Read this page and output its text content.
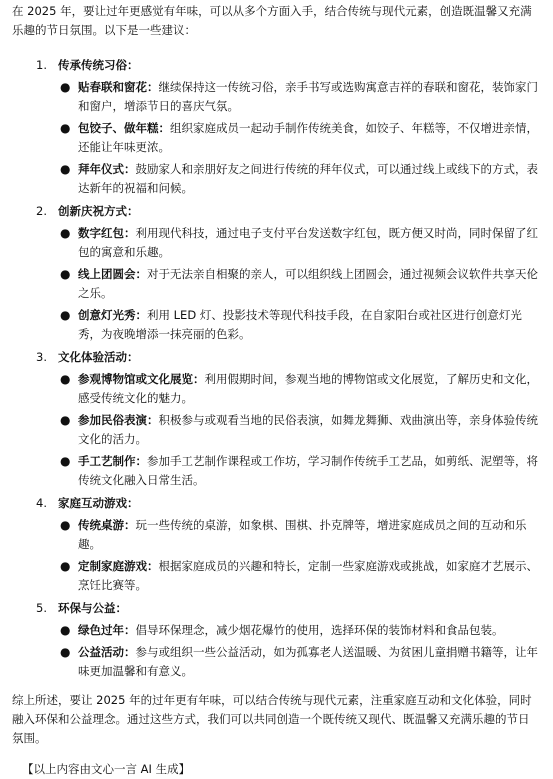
在 2025 年，要让过年更感觉有年味，可以从多个方面入手，结合传统与现代元素，创造既温馨又充满乐趣的节日氛围。以下是一些建议：

1. 传承传统习俗：
● 贴春联和窗花：继续保持这一传统习俗，亲手书写或选购寓意吉祥的春联和窗花，装饰家门和窗户，增添节日的喜庆气氛。
● 包饺子、做年糕：组织家庭成员一起动手制作传统美食，如饺子、年糕等，不仅增进亲情，还能让年味更浓。
● 拜年仪式：鼓励家人和亲朋好友之间进行传统的拜年仪式，可以通过线上或线下的方式，表达新年的祝福和问候。
2. 创新庆祝方式：
● 数字红包：利用现代科技，通过电子支付平台发送数字红包，既方便又时尚，同时保留了红包的寓意和乐趣。
● 线上团圆会：对于无法亲自相聚的亲人，可以组织线上团圆会，通过视频会议软件共享天伦之乐。
● 创意灯光秀：利用 LED 灯、投影技术等现代科技手段，在自家阳台或社区进行创意灯光秀，为夜晚增添一抹亮丽的色彩。
3. 文化体验活动：
● 参观博物馆或文化展览：利用假期时间，参观当地的博物馆或文化展览，了解历史和文化，感受传统文化的魅力。
● 参加民俗表演：积极参与或观看当地的民俗表演，如舞龙舞狮、戏曲演出等，亲身体验传统文化的活力。
● 手工艺制作：参加手工艺制作课程或工作坊，学习制作传统手工艺品，如剪纸、泥塑等，将传统文化融入日常生活。
4. 家庭互动游戏：
● 传统桌游：玩一些传统的桌游，如象棋、围棋、扑克牌等，增进家庭成员之间的互动和乐趣。
● 定制家庭游戏：根据家庭成员的兴趣和特长，定制一些家庭游戏或挑战，如家庭才艺展示、烹饪比赛等。
5. 环保与公益：
● 绿色过年：倡导环保理念，减少烟花爆竹的使用，选择环保的装饰材料和食品包装。
● 公益活动：参与或组织一些公益活动，如为孤寡老人送温暖、为贫困儿童捐赠书籍等，让年味更加温馨和有意义。

综上所述，要让 2025 年的过年更有年味，可以结合传统与现代元素，注重家庭互动和文化体验，同时融入环保和公益理念。通过这些方式，我们可以共同创造一个既传统又现代、既温馨又充满乐趣的节日氛围。

【以上内容由文心一言 AI 生成】
